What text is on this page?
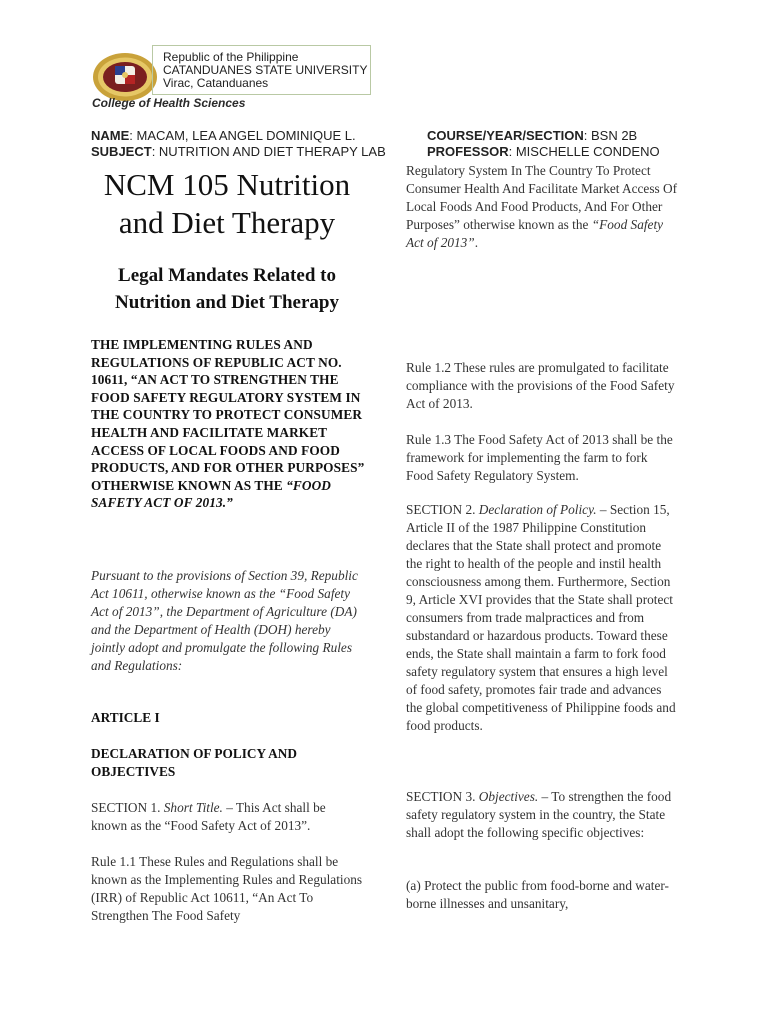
Republic of the Philippine
CATANDUANES STATE UNIVERSITY
Virac, Catanduanes
College of Health Sciences
NAME: MACAM, LEA ANGEL DOMINIQUE L.
SUBJECT: NUTRITION AND DIET THERAPY LAB
COURSE/YEAR/SECTION: BSN 2B
PROFESSOR: MISCHELLE CONDENO
NCM 105 Nutrition and Diet Therapy
Legal Mandates Related to Nutrition and Diet Therapy
THE IMPLEMENTING RULES AND REGULATIONS OF REPUBLIC ACT NO. 10611, “AN ACT TO STRENGTHEN THE FOOD SAFETY REGULATORY SYSTEM IN THE COUNTRY TO PROTECT CONSUMER HEALTH AND FACILITATE MARKET ACCESS OF LOCAL FOODS AND FOOD PRODUCTS, AND FOR OTHER PURPOSES” OTHERWISE KNOWN AS THE “FOOD SAFETY ACT OF 2013.”
Pursuant to the provisions of Section 39, Republic Act 10611, otherwise known as the “Food Safety Act of 2013”, the Department of Agriculture (DA) and the Department of Health (DOH) hereby jointly adopt and promulgate the following Rules and Regulations:
ARTICLE I
DECLARATION OF POLICY AND OBJECTIVES
SECTION 1. Short Title. – This Act shall be known as the “Food Safety Act of 2013”.
Rule 1.1 These Rules and Regulations shall be known as the Implementing Rules and Regulations (IRR) of Republic Act 10611, “An Act To Strengthen The Food Safety
Regulatory System In The Country To Protect Consumer Health And Facilitate Market Access Of Local Foods And Food Products, And For Other Purposes” otherwise known as the “Food Safety Act of 2013”.
Rule 1.2 These rules are promulgated to facilitate compliance with the provisions of the Food Safety Act of 2013.
Rule 1.3 The Food Safety Act of 2013 shall be the framework for implementing the farm to fork Food Safety Regulatory System.
SECTION 2. Declaration of Policy. – Section 15, Article II of the 1987 Philippine Constitution declares that the State shall protect and promote the right to health of the people and instil health consciousness among them. Furthermore, Section 9, Article XVI provides that the State shall protect consumers from trade malpractices and from substandard or hazardous products. Toward these ends, the State shall maintain a farm to fork food safety regulatory system that ensures a high level of food safety, promotes fair trade and advances the global competitiveness of Philippine foods and food products.
SECTION 3. Objectives. – To strengthen the food safety regulatory system in the country, the State shall adopt the following specific objectives:
(a) Protect the public from food-borne and water-borne illnesses and unsanitary,
